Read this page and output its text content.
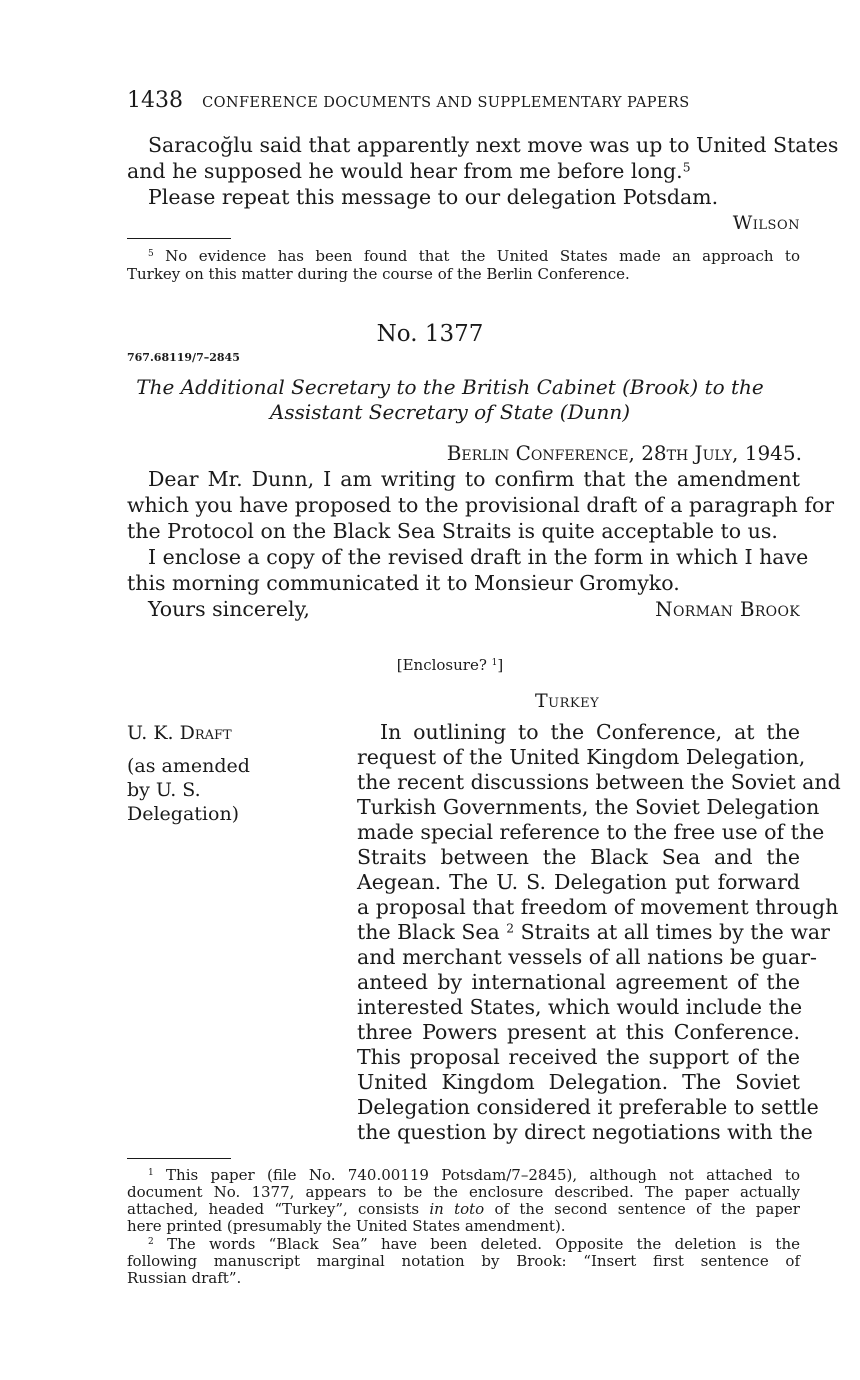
1438 CONFERENCE DOCUMENTS AND SUPPLEMENTARY PAPERS
Saracoğlu said that apparently next move was up to United States
and he supposed he would hear from me before long.$^5$
Please repeat this message to our delegation Potsdam.
Wilson
$^5$ No evidence has been found that the United States made an approach to
Turkey on this matter during the course of the Berlin Conference.
No. 1377
767.68119/7–2845
The Additional Secretary to the British Cabinet (Brook) to the
Assistant Secretary of State (Dunn)
Berlin Conference, 28th July, 1945.
Dear Mr. Dunn, I am writing to confirm that the amendment
which you have proposed to the provisional draft of a paragraph for
the Protocol on the Black Sea Straits is quite acceptable to us.
I enclose a copy of the revised draft in the form in which I have
this morning communicated it to Monsieur Gromyko.
Yours sincerely,	Norman Brook
[Enclosure? $^1$]
Turkey
U. K. Draft
(as amended
by U. S.
Delegation)
In outlining to the Conference, at the
request of the United Kingdom Delegation,
the recent discussions between the Soviet and
Turkish Governments, the Soviet Delegation
made special reference to the free use of the
Straits between the Black Sea and the
Aegean. The U. S. Delegation put forward
a proposal that freedom of movement through
the Black Sea $^2$ Straits at all times by the war
and merchant vessels of all nations be guar-
anteed by international agreement of the
interested States, which would include the
three Powers present at this Conference.
This proposal received the support of the
United Kingdom Delegation. The Soviet
Delegation considered it preferable to settle
the question by direct negotiations with the
$^1$ This paper (file No. 740.00119 Potsdam/7–2845), although not attached to
document No. 1377, appears to be the enclosure described. The paper actually
attached, headed “Turkey”, consists in toto of the second sentence of the paper
here printed (presumably the United States amendment).
$^2$ The words “Black Sea” have been deleted. Opposite the deletion is the
following manuscript marginal notation by Brook: “Insert first sentence of
Russian draft”.
